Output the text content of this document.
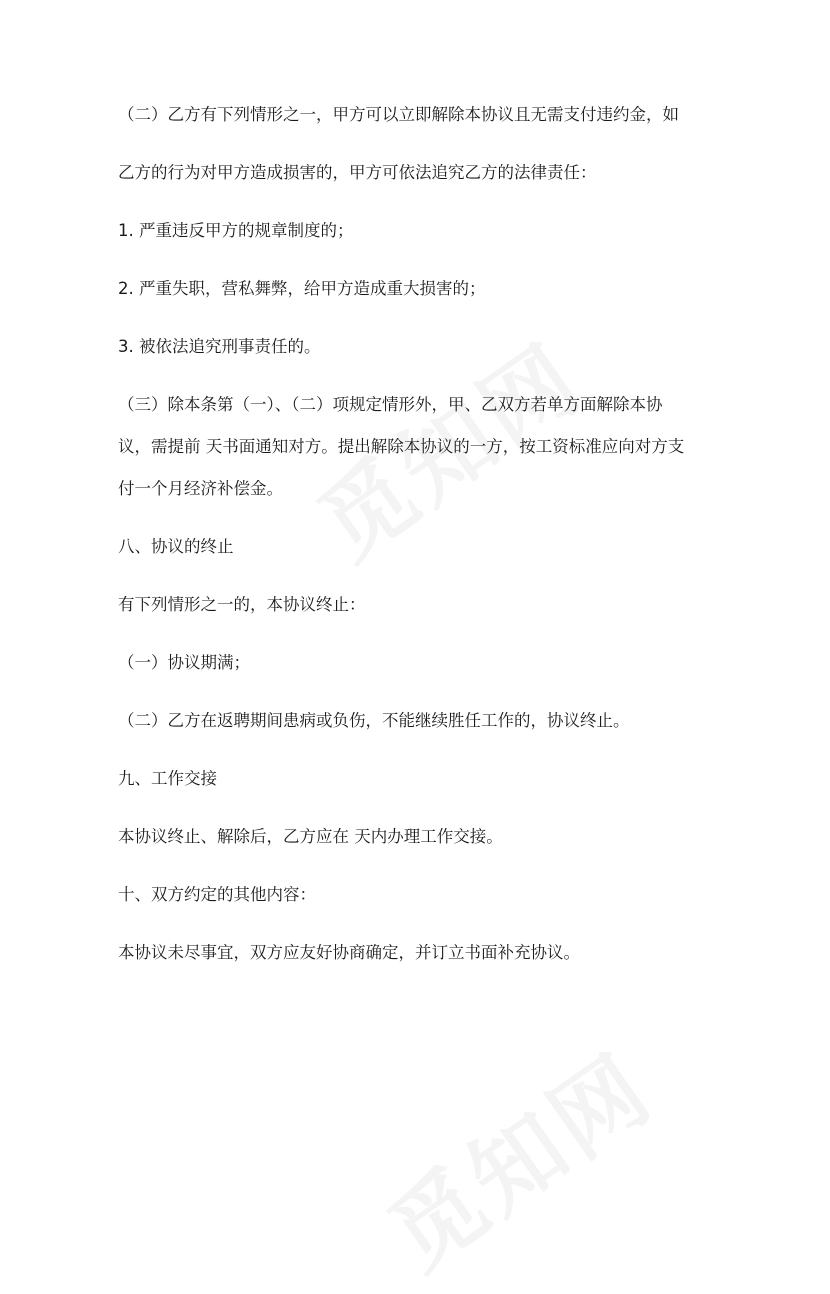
（二）乙方有下列情形之一，甲方可以立即解除本协议且无需支付违约金，如
乙方的行为对甲方造成损害的，甲方可依法追究乙方的法律责任：
1. 严重违反甲方的规章制度的；
2. 严重失职，营私舞弊，给甲方造成重大损害的；
3. 被依法追究刑事责任的。
（三）除本条第（一）、（二）项规定情形外，甲、乙双方若单方面解除本协
议，需提前 天书面通知对方。提出解除本协议的一方，按工资标准应向对方支
付一个月经济补偿金。
八、协议的终止
有下列情形之一的，本协议终止：
（一）协议期满；
（二）乙方在返聘期间患病或负伤，不能继续胜任工作的，协议终止。
九、工作交接
本协议终止、解除后，乙方应在 天内办理工作交接。
十、双方约定的其他内容：
本协议未尽事宜，双方应友好协商确定，并订立书面补充协议。
